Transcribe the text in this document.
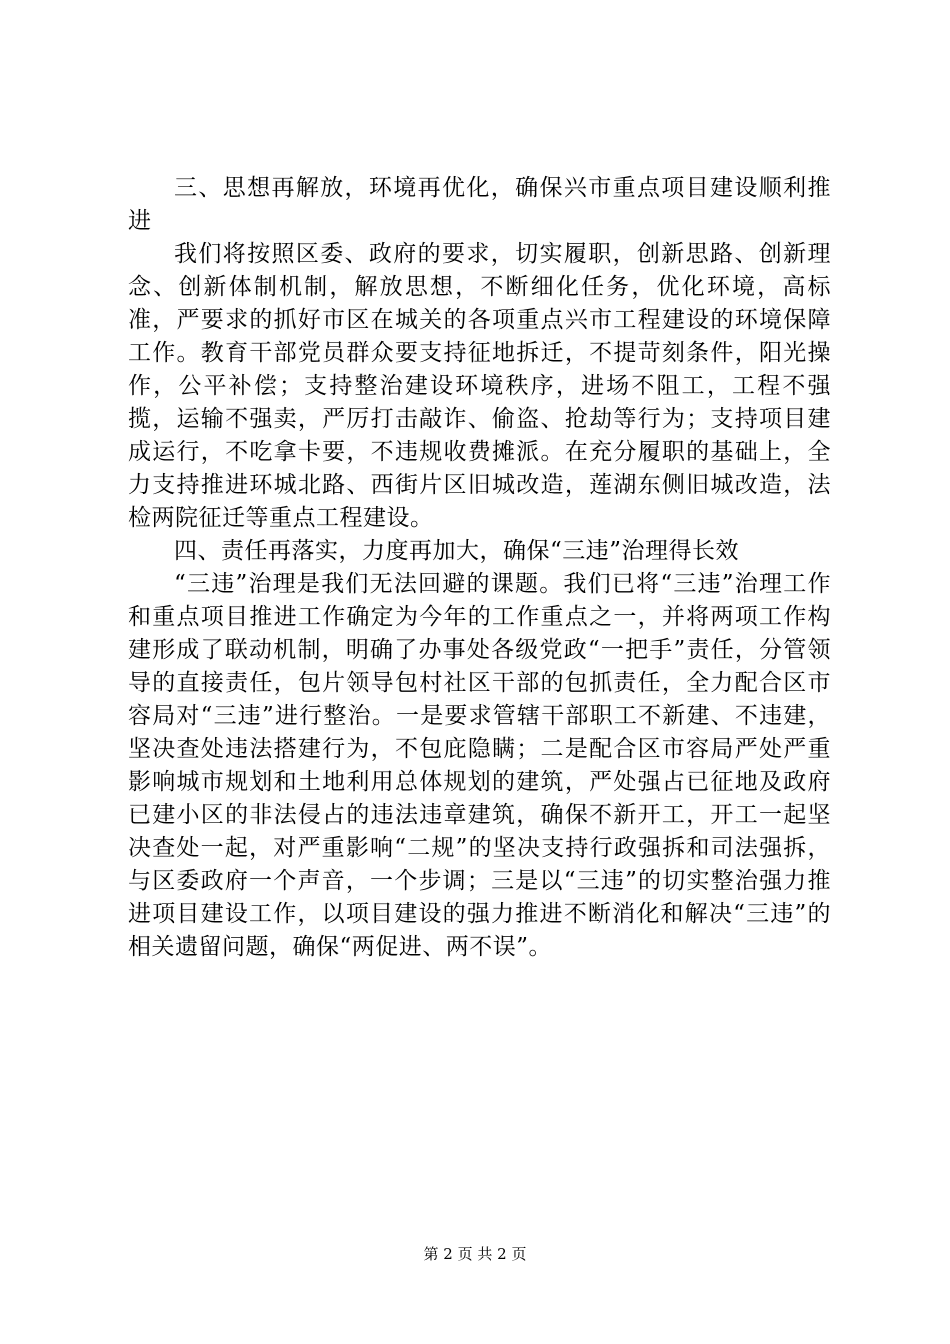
三、思想再解放，环境再优化，确保兴市重点项目建设顺利推进

我们将按照区委、政府的要求，切实履职，创新思路、创新理念、创新体制机制，解放思想，不断细化任务，优化环境，高标准，严要求的抓好市区在城关的各项重点兴市工程建设的环境保障工作。教育干部党员群众要支持征地拆迁，不提苛刻条件，阳光操作，公平补偿；支持整治建设环境秩序，进场不阻工，工程不强揽，运输不强卖，严厉打击敲诈、偷盗、抢劫等行为；支持项目建成运行，不吃拿卡要，不违规收费摊派。在充分履职的基础上，全力支持推进环城北路、西街片区旧城改造，莲湖东侧旧城改造，法检两院征迁等重点工程建设。

四、责任再落实，力度再加大，确保“三违”治理得长效

“三违”治理是我们无法回避的课题。我们已将“三违”治理工作和重点项目推进工作确定为今年的工作重点之一，并将两项工作构建形成了联动机制，明确了办事处各级党政“一把手”责任，分管领导的直接责任，包片领导包村社区干部的包抓责任，全力配合区市容局对“三违”进行整治。一是要求管辖干部职工不新建、不违建，坚决查处违法搭建行为，不包庇隐瞒；二是配合区市容局严处严重影响城市规划和土地利用总体规划的建筑，严处强占已征地及政府已建小区的非法侵占的违法违章建筑，确保不新开工，开工一起坚决查处一起，对严重影响“二规”的坚决支持行政强拆和司法强拆，与区委政府一个声音，一个步调；三是以“三违”的切实整治强力推进项目建设工作，以项目建设的强力推进不断消化和解决“三违”的相关遗留问题，确保“两促进、两不误”。

第 2 页 共 2 页
